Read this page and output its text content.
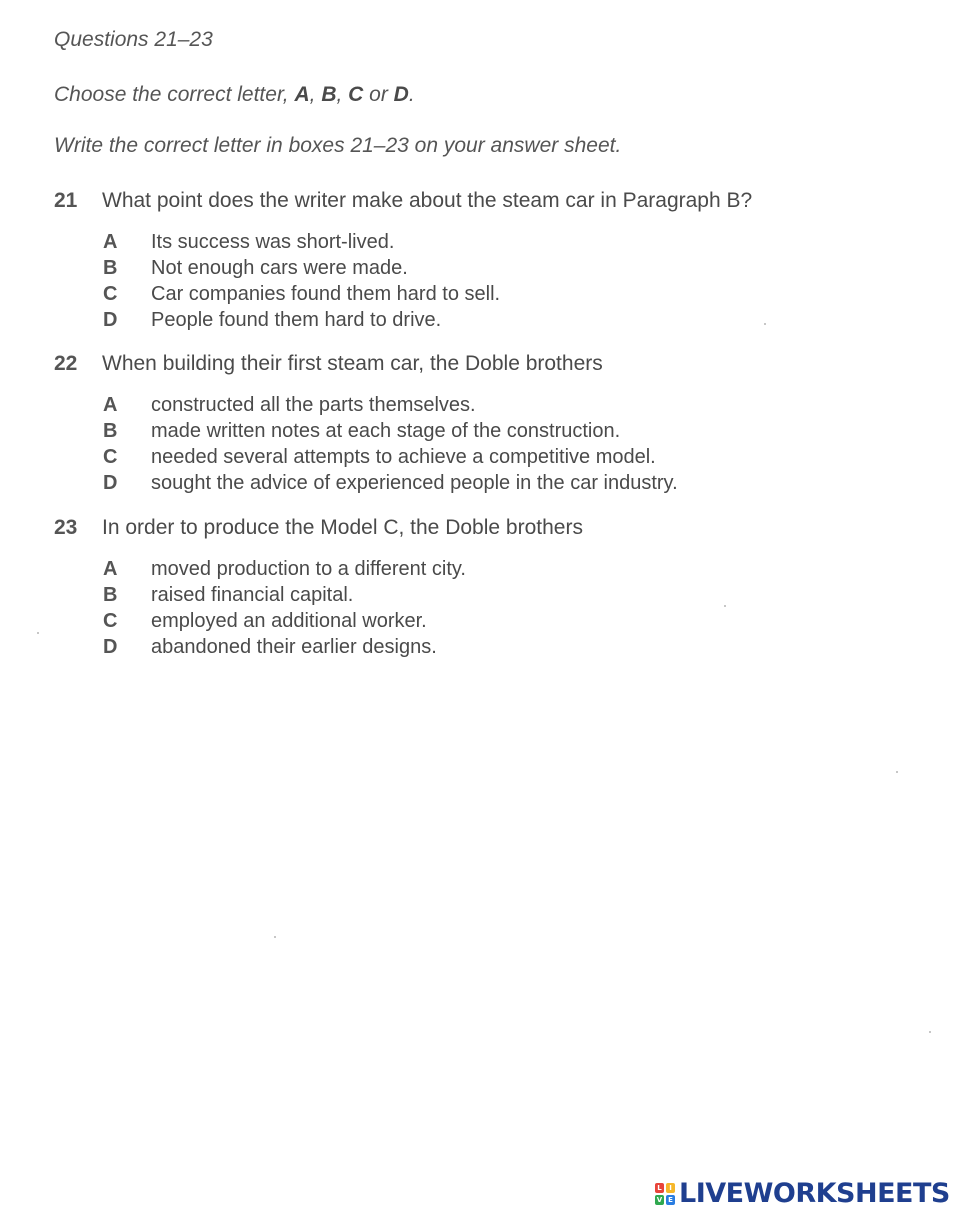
Questions 21–23

Choose the correct letter, A, B, C or D.

Write the correct letter in boxes 21–23 on your answer sheet.

21 What point does the writer make about the steam car in Paragraph B?
A Its success was short-lived.
B Not enough cars were made.
C Car companies found them hard to sell.
D People found them hard to drive.
22 When building their first steam car, the Doble brothers
A constructed all the parts themselves.
B made written notes at each stage of the construction.
C needed several attempts to achieve a competitive model.
D sought the advice of experienced people in the car industry.
23 In order to produce the Model C, the Doble brothers
A moved production to a different city.
B raised financial capital.
C employed an additional worker.
D abandoned their earlier designs.
L	I
V E LIVEWORKSHEETS
